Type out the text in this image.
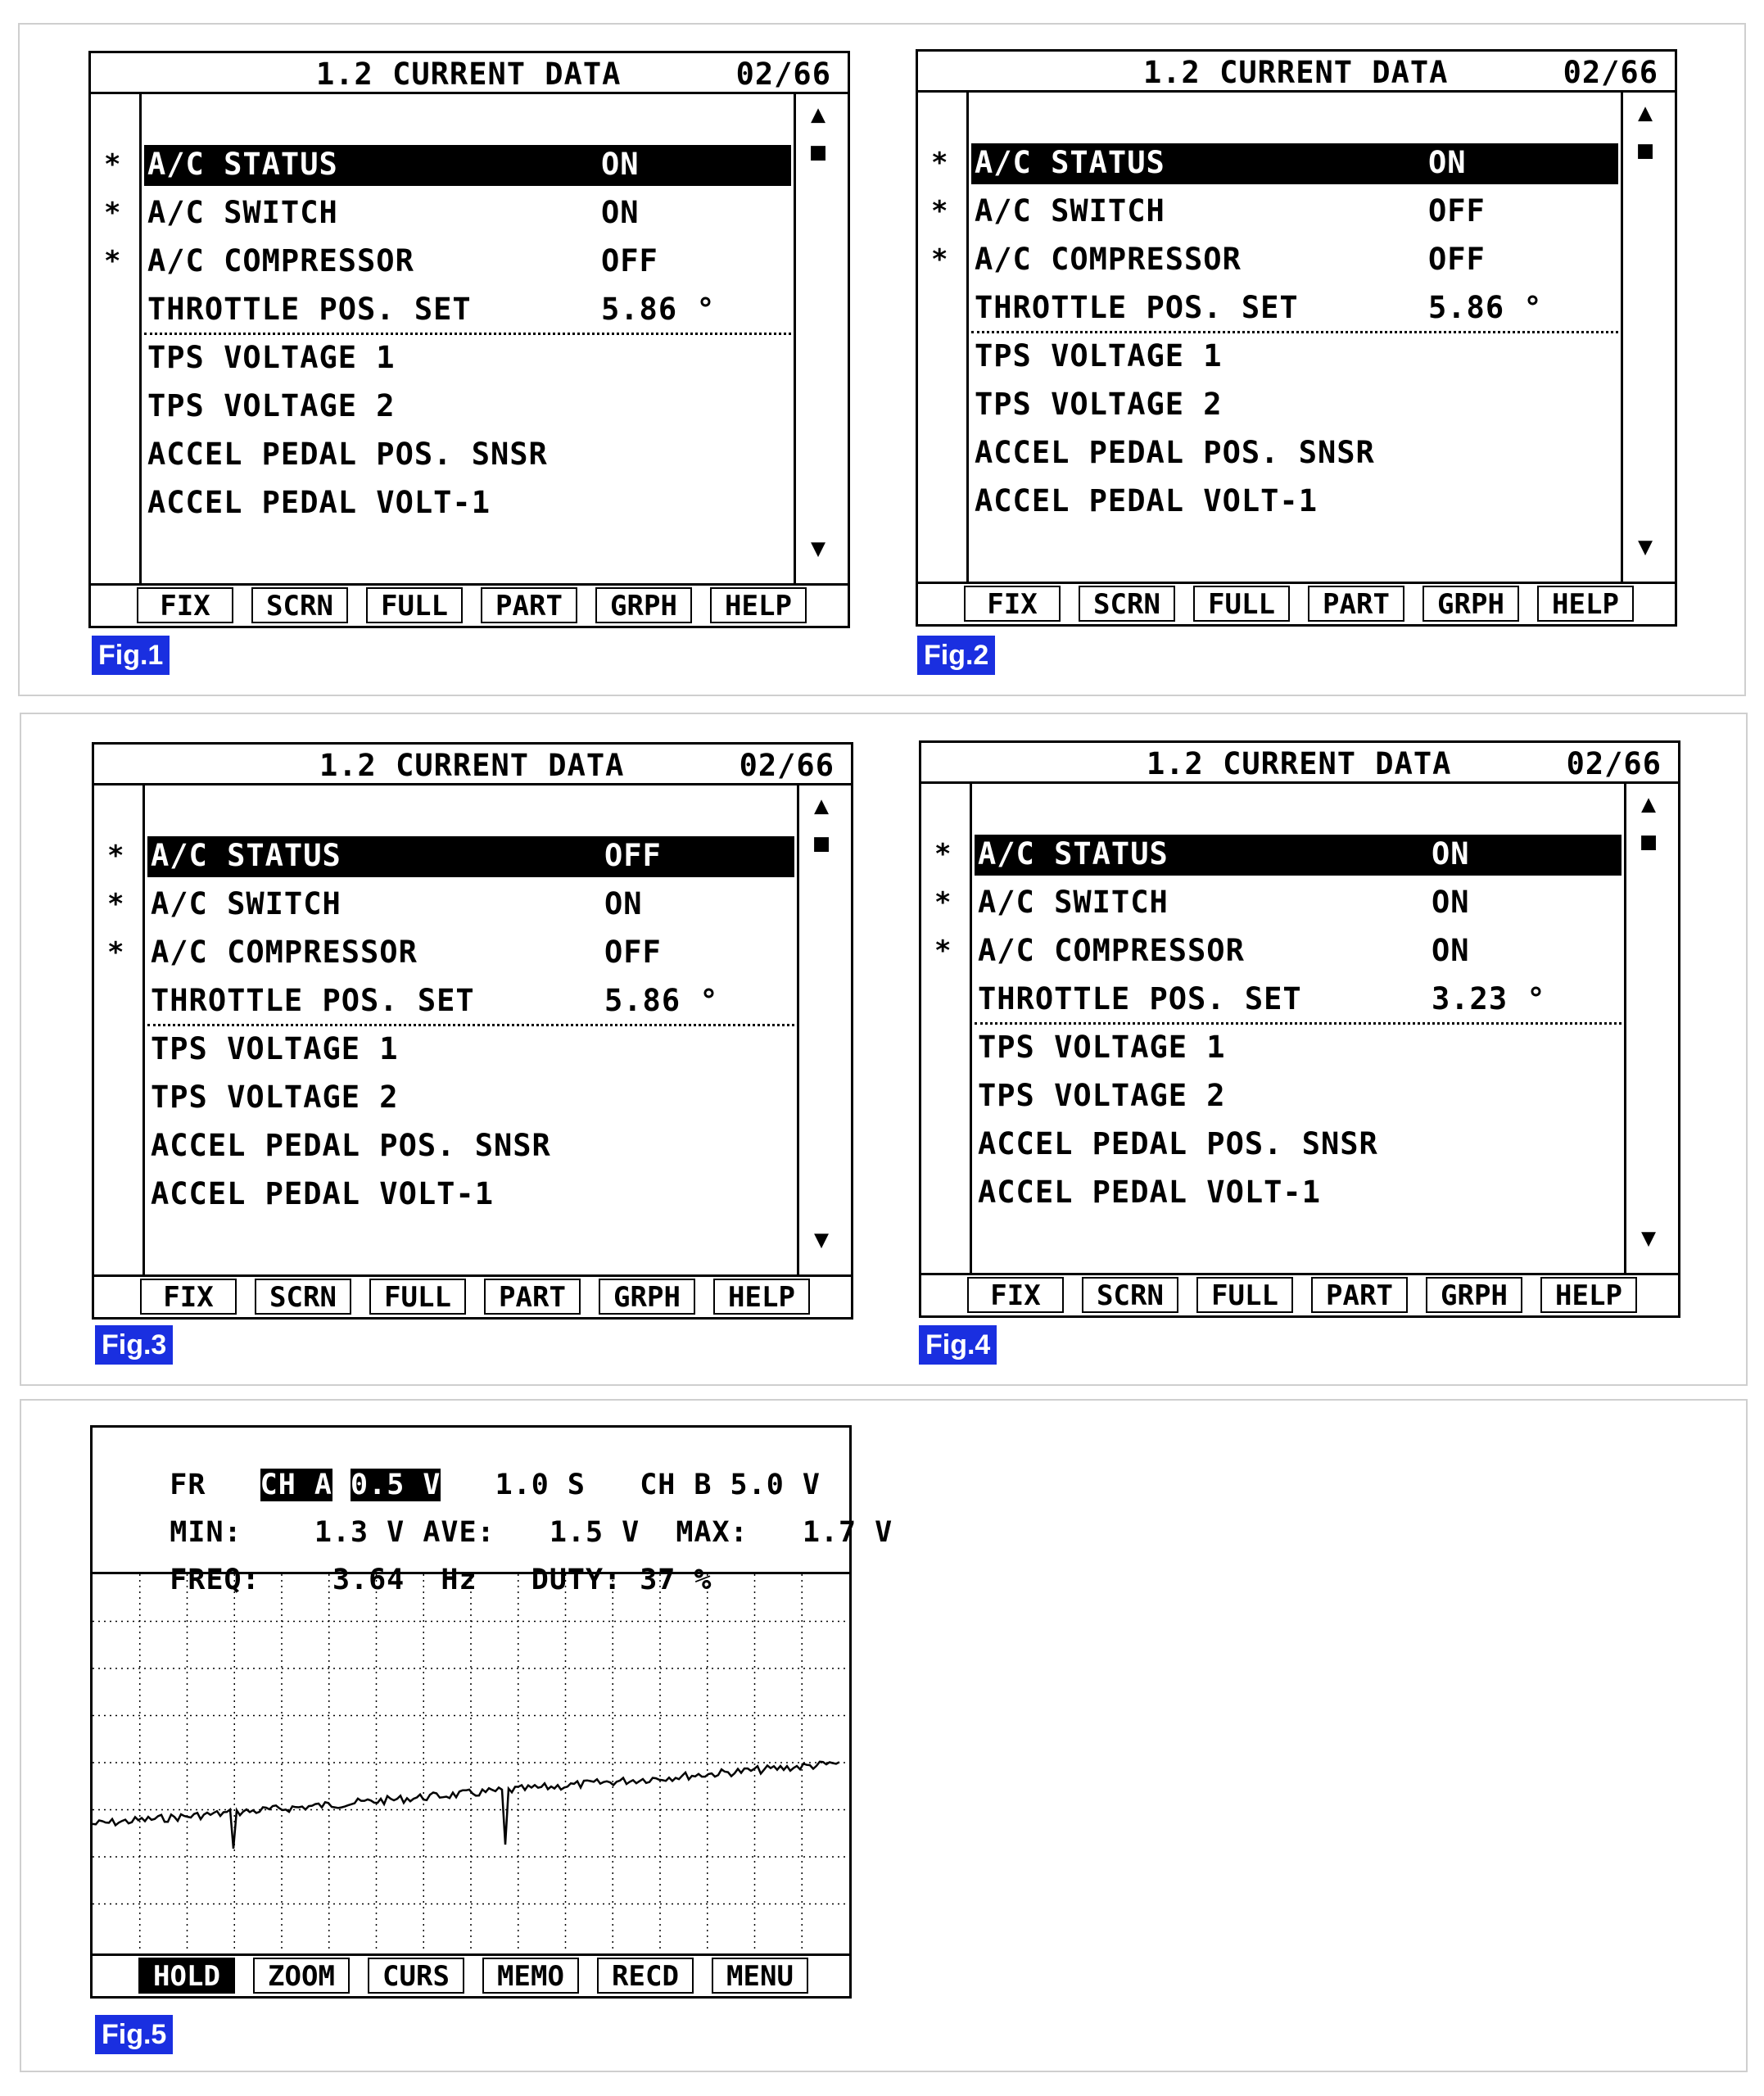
1.2 CURRENT DATA	02/66
▲
■
▼
* A/C STATUS	ON
* A/C SWITCH	ON
* A/C COMPRESSOR	OFF
THROTTLE POS. SET	5.86 °
TPS VOLTAGE 1
TPS VOLTAGE 2
ACCEL PEDAL POS. SNSR
ACCEL PEDAL VOLT-1
FIX	SCRN	FULL	PART	GRPH	HELP
Fig.1
1.2 CURRENT DATA	02/66
▲
■
▼
* A/C STATUS	ON
* A/C SWITCH	OFF
* A/C COMPRESSOR	OFF
THROTTLE POS. SET	5.86 °
TPS VOLTAGE 1
TPS VOLTAGE 2
ACCEL PEDAL POS. SNSR
ACCEL PEDAL VOLT-1
FIX	SCRN	FULL	PART	GRPH	HELP
Fig.2
1.2 CURRENT DATA	02/66
▲
■
▼
* A/C STATUS	OFF
* A/C SWITCH	ON
* A/C COMPRESSOR	OFF
THROTTLE POS. SET	5.86 °
TPS VOLTAGE 1
TPS VOLTAGE 2
ACCEL PEDAL POS. SNSR
ACCEL PEDAL VOLT-1
FIX	SCRN	FULL	PART	GRPH	HELP
Fig.3
1.2 CURRENT DATA	02/66
▲
■
▼
* A/C STATUS	ON
* A/C SWITCH	ON
* A/C COMPRESSOR	ON
THROTTLE POS. SET	3.23 °
TPS VOLTAGE 1
TPS VOLTAGE 2
ACCEL PEDAL POS. SNSR
ACCEL PEDAL VOLT-1
FIX	SCRN	FULL	PART	GRPH	HELP
Fig.4

FR CH A 0.5 V 1.0 S CH B 5.0 V

MIN:	1.3 V AVE: 1.5 V MAX: 1.7 V

FREQ:	3.64 Hz DUTY: 37 %

HOLD	ZOOM	CURS	MEMO	RECD	MENU
Fig.5
